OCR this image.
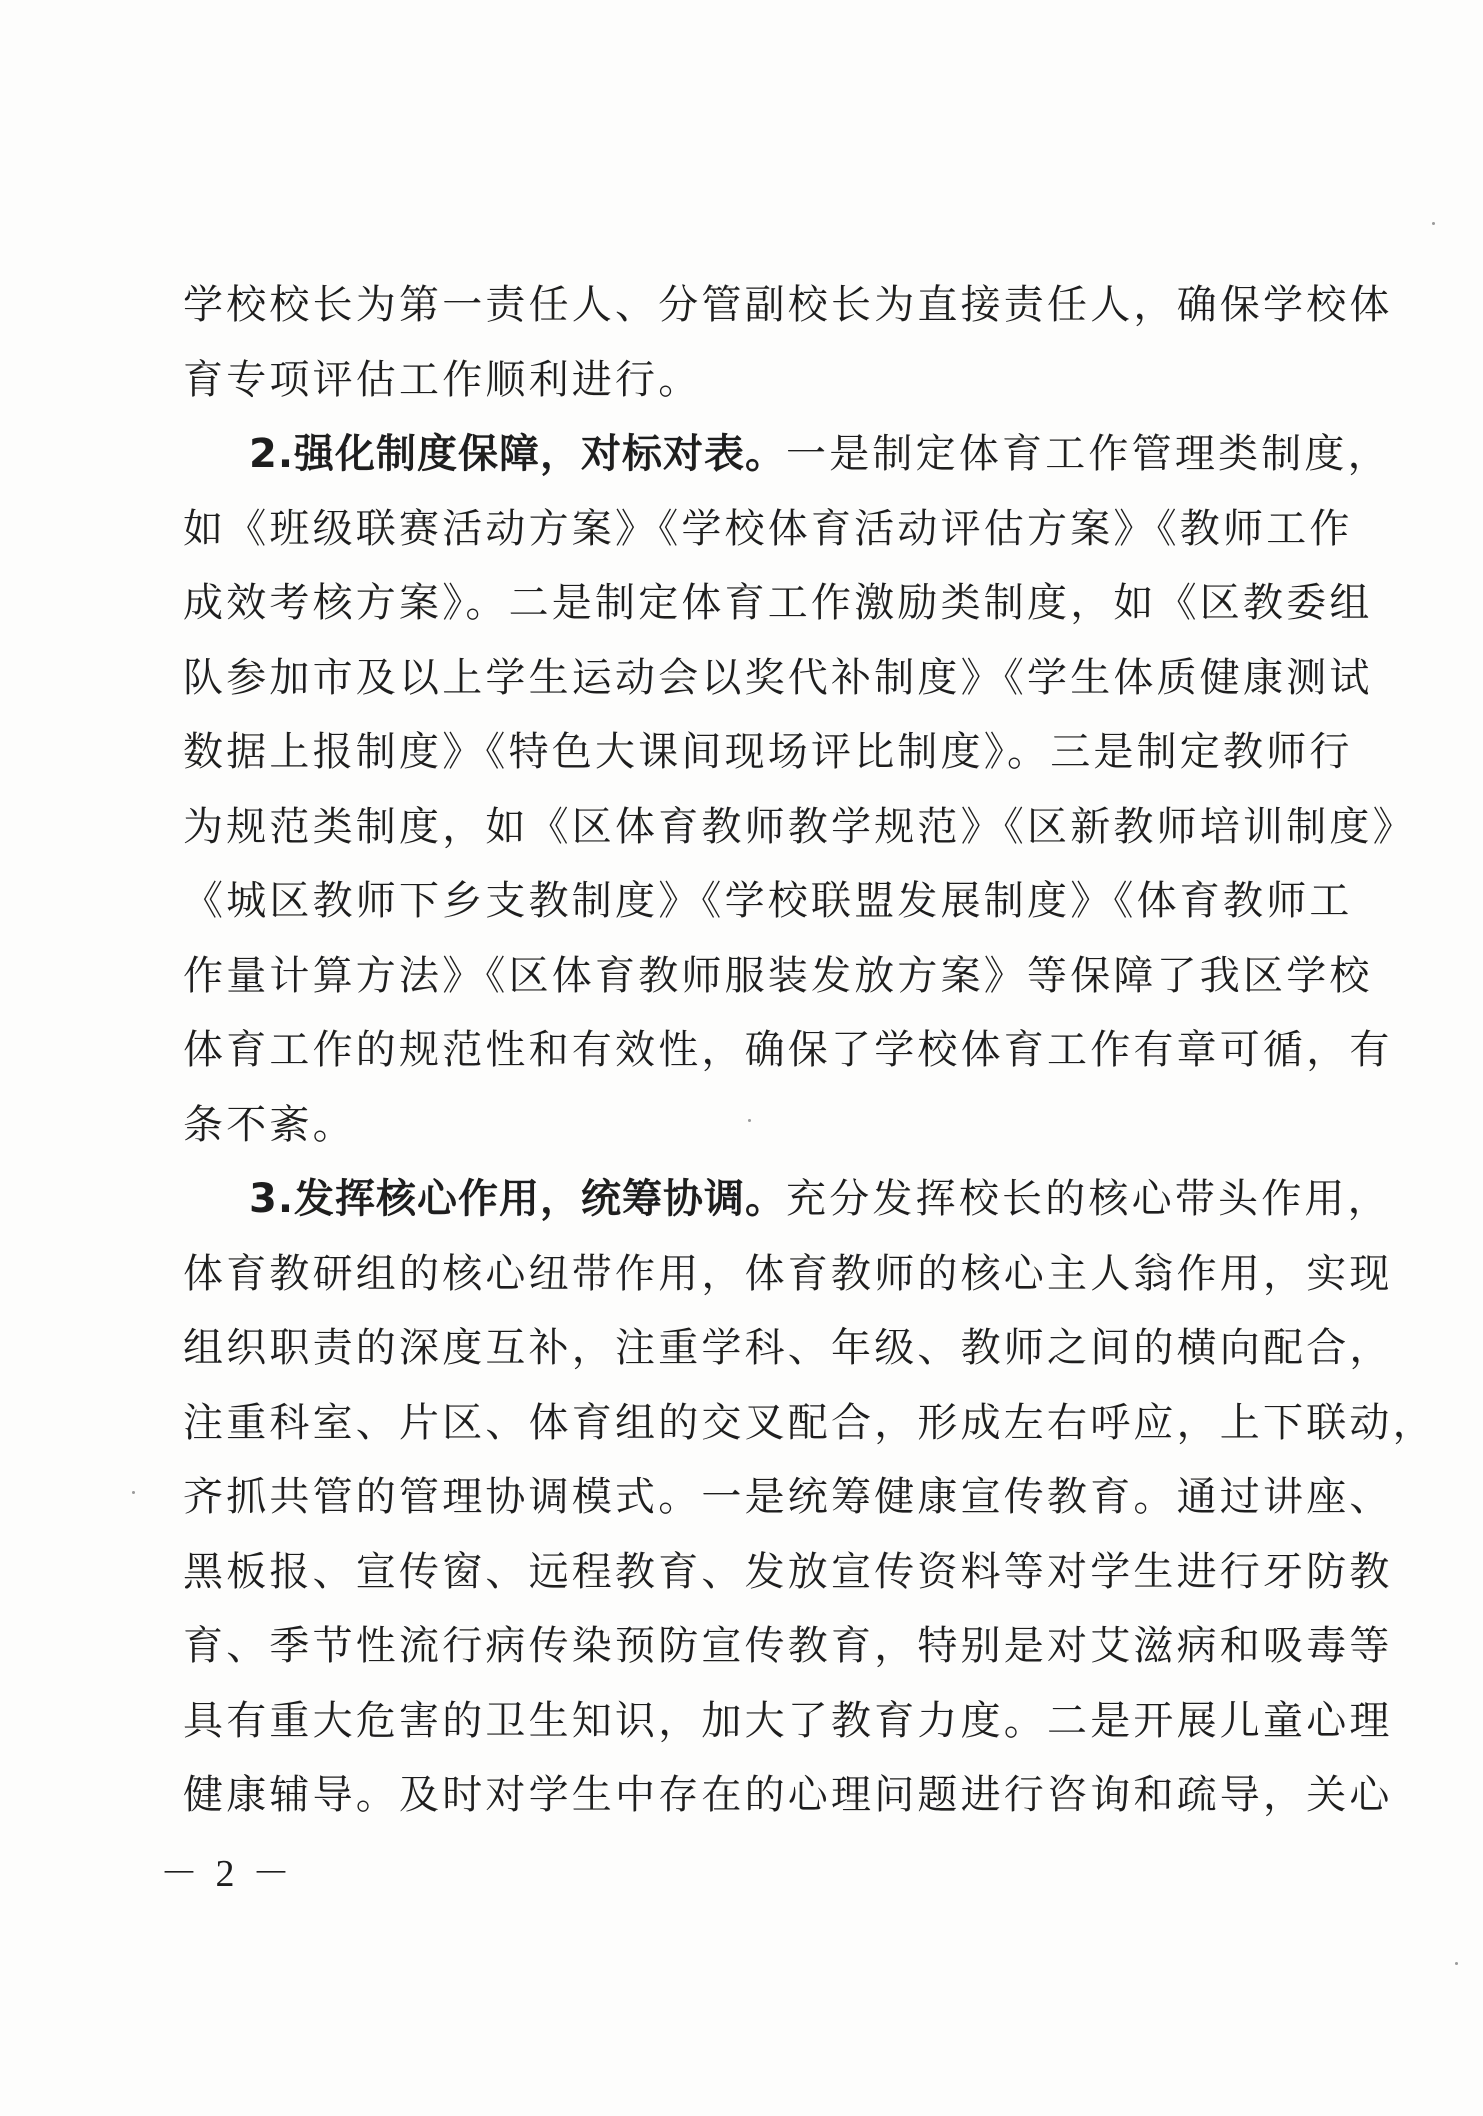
学校校长为第一责任人、分管副校长为直接责任人，确保学校体
育专项评估工作顺利进行。
2.强化制度保障，对标对表。一是制定体育工作管理类制度，
如《班级联赛活动方案》《学校体育活动评估方案》《教师工作
成效考核方案》。二是制定体育工作激励类制度，如《区教委组
队参加市及以上学生运动会以奖代补制度》《学生体质健康测试
数据上报制度》《特色大课间现场评比制度》。三是制定教师行
为规范类制度，如《区体育教师教学规范》《区新教师培训制度》
《城区教师下乡支教制度》《学校联盟发展制度》《体育教师工
作量计算方法》《区体育教师服装发放方案》等保障了我区学校
体育工作的规范性和有效性，确保了学校体育工作有章可循，有
条不紊。
3.发挥核心作用，统筹协调。充分发挥校长的核心带头作用，
体育教研组的核心纽带作用，体育教师的核心主人翁作用，实现
组织职责的深度互补，注重学科、年级、教师之间的横向配合，
注重科室、片区、体育组的交叉配合，形成左右呼应，上下联动，
齐抓共管的管理协调模式。一是统筹健康宣传教育。通过讲座、
黑板报、宣传窗、远程教育、发放宣传资料等对学生进行牙防教
育、季节性流行病传染预防宣传教育，特别是对艾滋病和吸毒等
具有重大危害的卫生知识，加大了教育力度。二是开展儿童心理
健康辅导。及时对学生中存在的心理问题进行咨询和疏导，关心
－ 2 －
